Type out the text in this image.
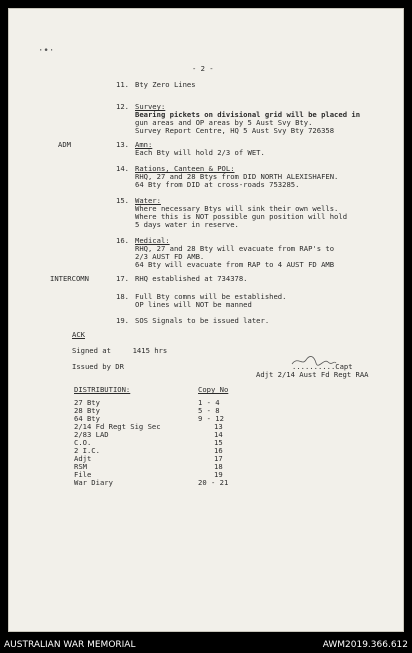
·•·
- 2 -
11. Bty Zero Lines
12. Survey:
Bearing pickets on divisional grid will be placed in
gun areas and OP areas by 5 Aust Svy Bty.
Survey Report Centre, HQ 5 Aust Svy Bty 726358
ADM	13. Amn:
Each Bty will hold 2/3 of WET.
14. Rations, Canteen & POL:
RHQ, 27 and 28 Btys from DID NORTH ALEXISHAFEN.
64 Bty from DID at cross-roads 753285.
15. Water:
Where necessary Btys will sink their own wells.
Where this is NOT possible gun position will hold
5 days water in reserve.
16. Medical:
RHQ, 27 and 28 Bty will evacuate from RAP's to
2/3 AUST FD AMB.
64 Bty will evacuate from RAP to 4 AUST FD AMB
INTERCOMN	17. RHQ established at 734378.
18. Full Bty comns will be established.
OP lines will NOT be manned
19. SOS Signals to be issued later.
ACK
Signed at     1415 hrs
Issued by DR	..........Capt
Adjt 2/14 Aust Fd Regt RAA
DISTRIBUTION:	Copy No
27 Bty	1 - 4
28 Bty	5 - 8
64 Bty	9 - 12
2/14 Fd Regt Sig Sec	13
2/83 LAD	14
C.O.	15
2 I.C.	16
Adjt	17
RSM	18
File	19
War Diary	20 - 21
AUSTRALIAN WAR MEMORIAL	AWM2019.366.612
